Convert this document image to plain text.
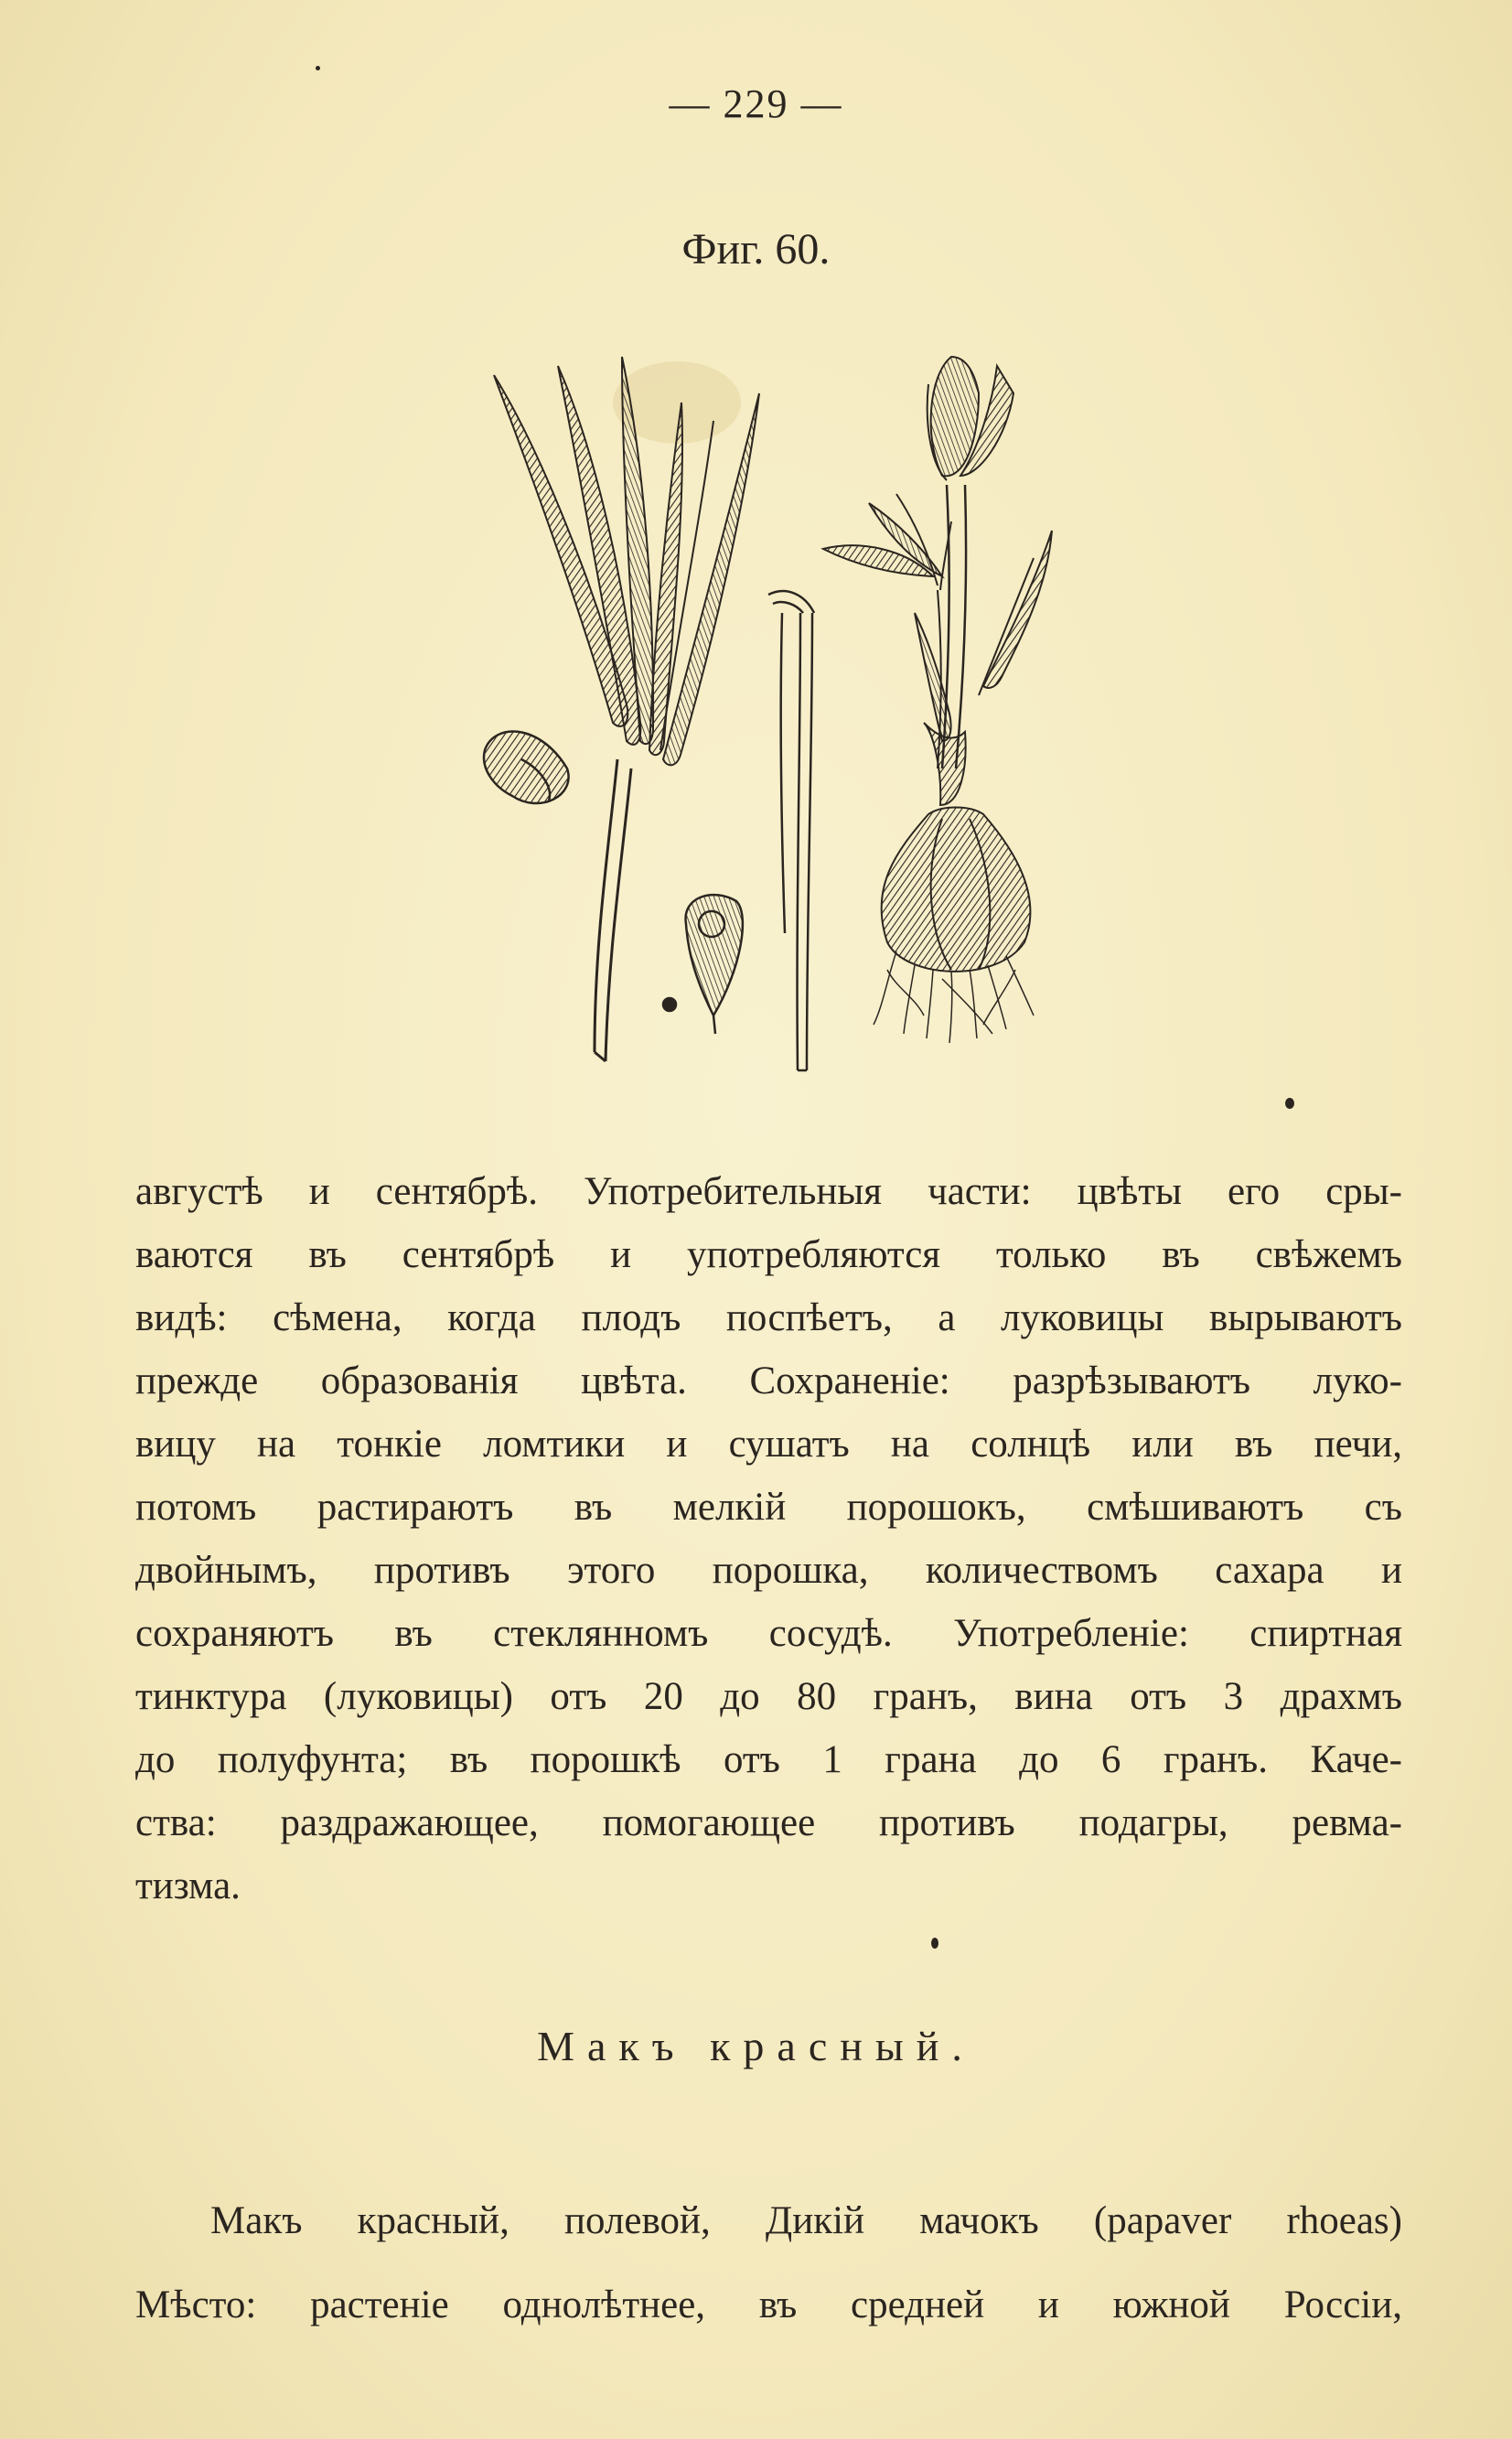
— 229 —
Фиг. 60.
августѣ и сентябрѣ. Употребительныя части: цвѣты его сры-
ваются въ сентябрѣ и употребляются только въ свѣжемъ
видѣ: сѣмена, когда плодъ поспѣетъ, а луковицы вырываютъ
прежде образованія цвѣта. Сохраненіе: разрѣзываютъ луко-
вицу на тонкіе ломтики и сушатъ на солнцѣ или въ печи,
потомъ растираютъ въ мелкій порошокъ, смѣшиваютъ съ
двойнымъ, противъ этого порошка, количествомъ сахара и
сохраняютъ въ стеклянномъ сосудѣ. Употребленіе: спиртная
тинктура (луковицы) отъ 20 до 80 гранъ, вина отъ 3 драхмъ
до полуфунта; въ порошкѣ отъ 1 грана до 6 гранъ. Каче-
ства: раздражающее, помогающее противъ подагры, ревма-
тизма.
Макъ красный.
Макъ красный, полевой, Дикій мачокъ (papaver rhoeas)
Мѣсто: растеніе однолѣтнее, въ средней и южной Россіи,
